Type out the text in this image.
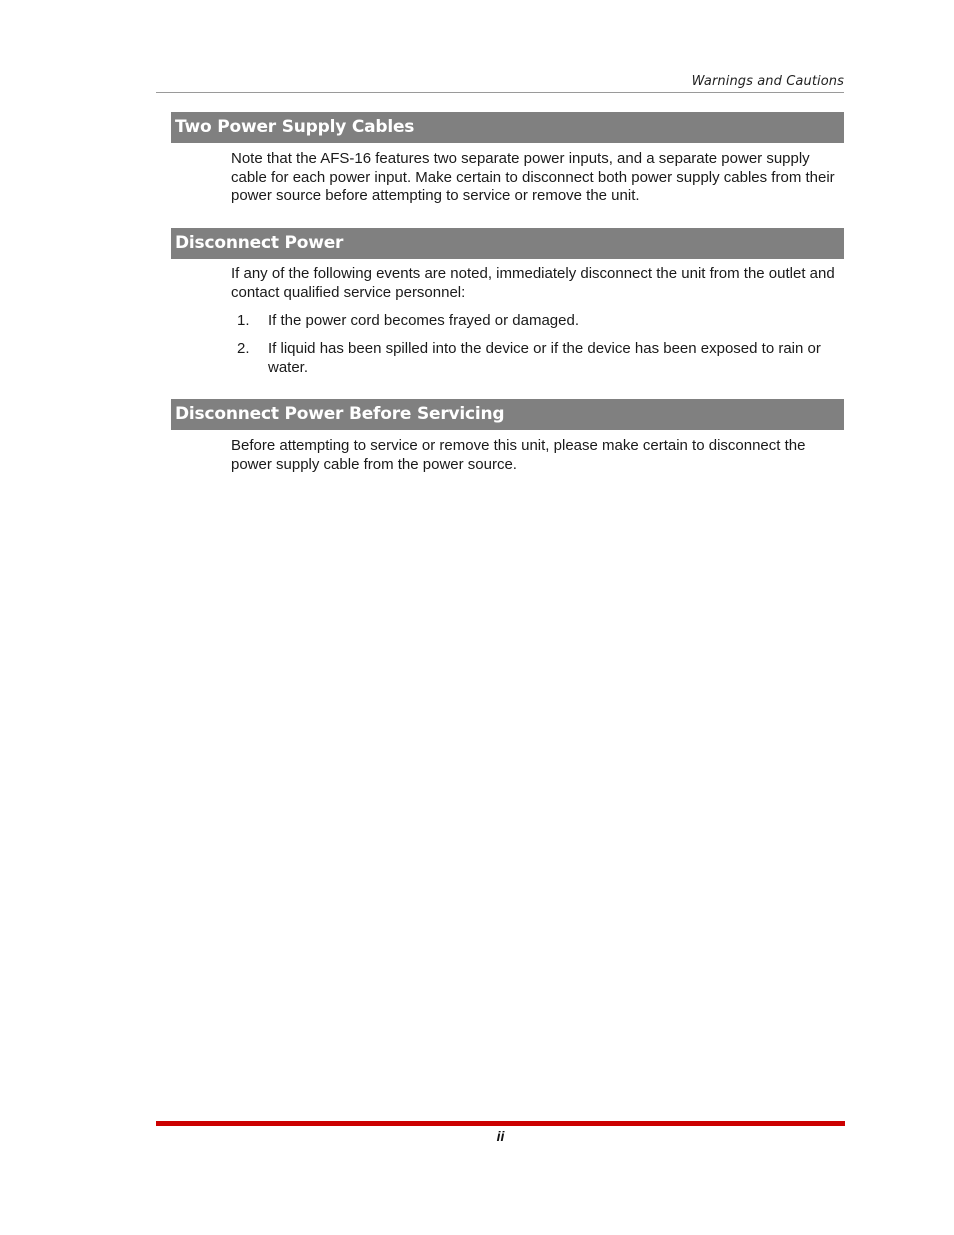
Warnings and Cautions
Two Power Supply Cables

Note that the AFS-16 features two separate power inputs, and a separate power supply cable for each power input. Make certain to disconnect both power supply cables from their power source before attempting to service or remove the unit.

Disconnect Power

If any of the following events are noted, immediately disconnect the unit from the outlet and contact qualified service personnel:

1. If the power cord becomes frayed or damaged.
2. If liquid has been spilled into the device or if the device has been exposed to rain or water.
Disconnect Power Before Servicing

Before attempting to service or remove this unit, please make certain to disconnect the power supply cable from the power source.

ii
